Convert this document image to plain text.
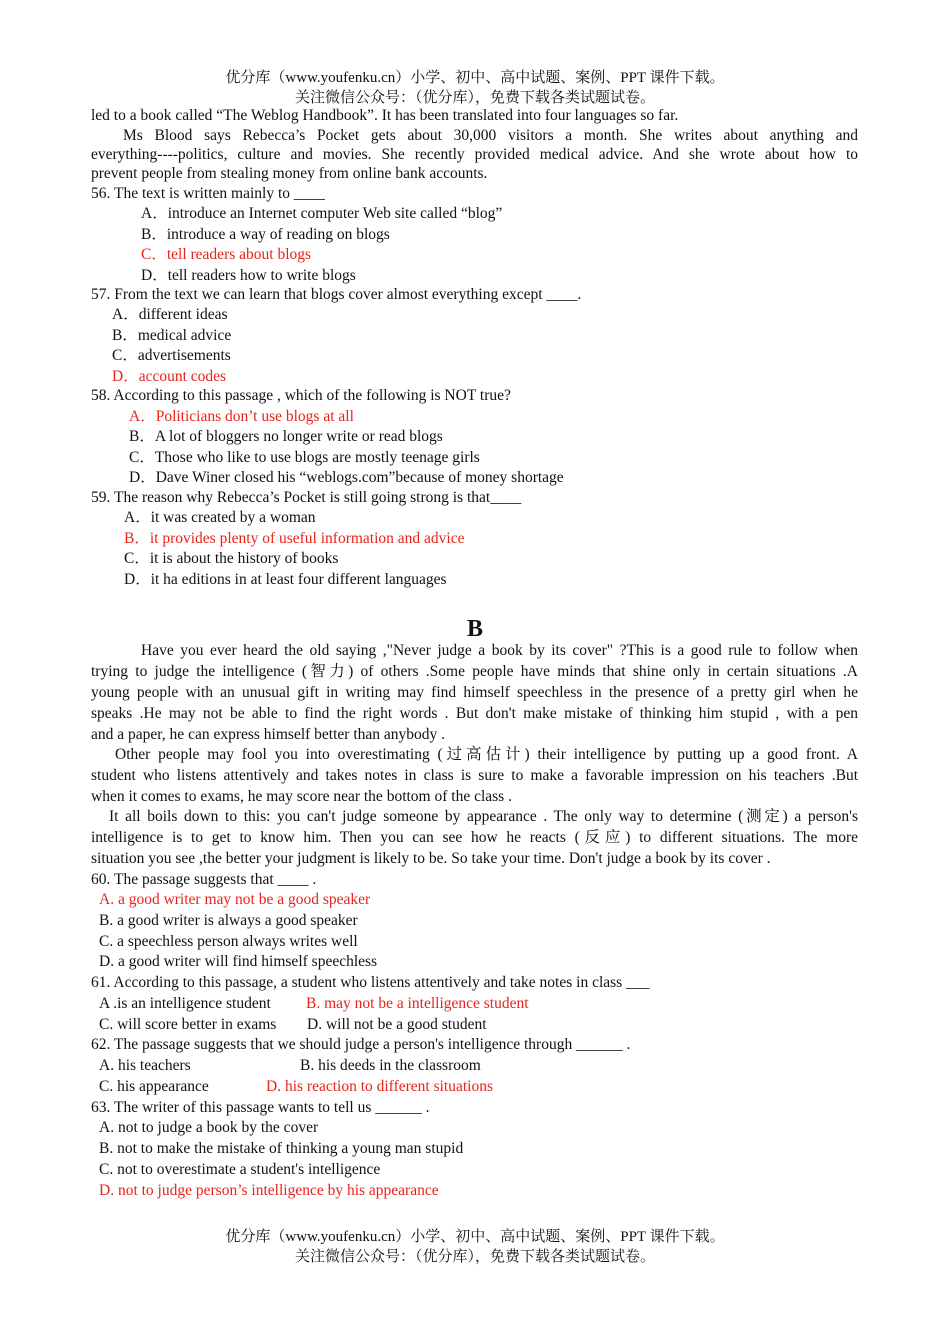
优分库（www.youfenku.cn）小学、初中、高中试题、案例、PPT 课件下载。
关注微信公众号：（优分库），免费下载各类试题试卷。
led to a book called “The Weblog Handbook”. It has been translated into four languages so far.
Ms Blood says Rebecca’s Pocket gets about 30,000 visitors a month. She writes about anything and
everything----politics, culture and movies. She recently provided medical advice. And she wrote about how to
prevent people from stealing money from online bank accounts.
56. The text is written mainly to ____
A．introduce an Internet computer Web site called “blog”
B．introduce a way of reading on blogs
C．tell readers about blogs
D．tell readers how to write blogs
57. From the text we can learn that blogs cover almost everything except ____.
A．different ideas
B．medical advice
C．advertisements
D．account codes
58. According to this passage , which of the following is NOT true?
A．Politicians don’t use blogs at all
B．A lot of bloggers no longer write or read blogs
C．Those who like to use blogs are mostly teenage girls
D．Dave Winer closed his “weblogs.com”because of money shortage
59. The reason why Rebecca’s Pocket is still going strong is that____
A．it was created by a woman
B．it provides plenty of useful information and advice
C．it is about the history of books
D．it ha editions in at least four different languages
B
Have you ever heard the old saying ,"Never judge a book by its cover" ?This is a good rule to follow when
trying to judge the intelligence (智力) of others .Some people have minds that shine only in certain situations .A
young people with an unusual gift in writing may find himself speechless in the presence of a pretty girl when he
speaks .He may not be able to find the right words . But don't make mistake of thinking him stupid , with a pen
and a paper, he can express himself better than anybody .
Other people may fool you into overestimating (过高估计) their intelligence by putting up a good front. A
student who listens attentively and takes notes in class is sure to make a favorable impression on his teachers .But
when it comes to exams, he may score near the bottom of the class .
It all boils down to this: you can't judge someone by appearance . The only way to determine (测定) a person's
intelligence is to get to know him. Then you can see how he reacts (反应) to different situations. The more
situation you see ,the better your judgment is likely to be. So take your time. Don't judge a book by its cover .
60. The passage suggests that ____ .
A. a good writer may not be a good speaker
B. a good writer is always a good speaker
C. a speechless person always writes well
D. a good writer will find himself speechless
61. According to this passage, a student who listens attentively and take notes in class ___
A .is an intelligence student	B. may not be a intelligence student
C. will score better in exams	D. will not be a good student
62. The passage suggests that we should judge a person's intelligence through ______ .
A. his teachers	B. his deeds in the classroom
C. his appearance	D. his reaction to different situations
63. The writer of this passage wants to tell us ______ .
A. not to judge a book by the cover
B. not to make the mistake of thinking a young man stupid
C. not to overestimate a student's intelligence
D. not to judge person’s intelligence by his appearance
优分库（www.youfenku.cn）小学、初中、高中试题、案例、PPT 课件下载。
关注微信公众号：（优分库），免费下载各类试题试卷。
